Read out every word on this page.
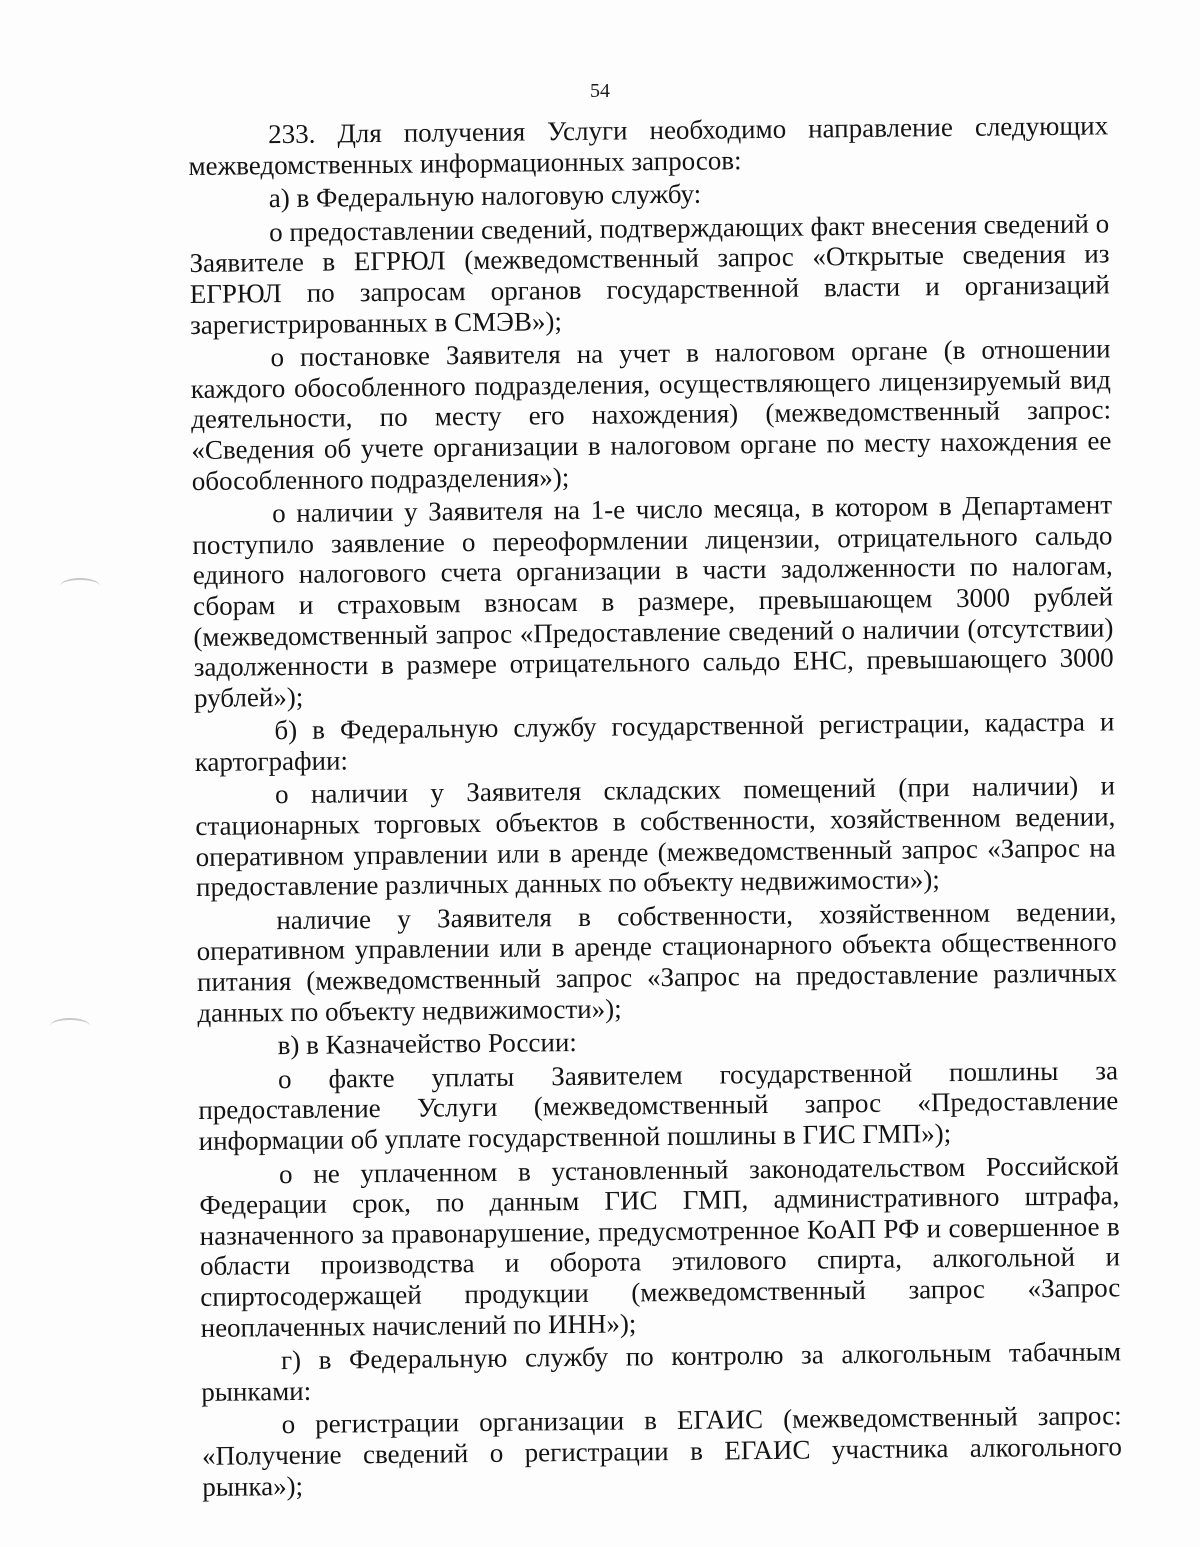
54

233. Для получения Услуги необходимо направление следующих межведомственных информационных запросов:

а) в Федеральную налоговую службу:

о предоставлении сведений, подтверждающих факт внесения сведений о Заявителе в ЕГРЮЛ (межведомственный запрос «Открытые сведения из ЕГРЮЛ по запросам органов государственной власти и организаций зарегистрированных в СМЭВ»);

о постановке Заявителя на учет в налоговом органе (в отношении каждого обособленного подразделения, осуществляющего лицензируемый вид деятельности, по месту его нахождения) (межведомственный запрос: «Сведения об учете организации в налоговом органе по месту нахождения ее обособленного подразделения»);

о наличии у Заявителя на 1-е число месяца, в котором в Департамент поступило заявление о переоформлении лицензии, отрицательного сальдо единого налогового счета организации в части задолженности по налогам, сборам и страховым взносам в размере, превышающем 3000 рублей (межведомственный запрос «Предоставление сведений о наличии (отсутствии) задолженности в размере отрицательного сальдо ЕНС, превышающего 3000 рублей»);

б) в Федеральную службу государственной регистрации, кадастра и картографии:

о наличии у Заявителя складских помещений (при наличии) и стационарных торговых объектов в собственности, хозяйственном ведении, оперативном управлении или в аренде (межведомственный запрос «Запрос на предоставление различных данных по объекту недвижимости»);

наличие у Заявителя в собственности, хозяйственном ведении, оперативном управлении или в аренде стационарного объекта общественного питания (межведомственный запрос «Запрос на предоставление различных данных по объекту недвижимости»);

в) в Казначейство России:

о факте уплаты Заявителем государственной пошлины за предоставление Услуги (межведомственный запрос «Предоставление информации об уплате государственной пошлины в ГИС ГМП»);

о не уплаченном в установленный законодательством Российской Федерации срок, по данным ГИС ГМП, административного штрафа, назначенного за правонарушение, предусмотренное КоАП РФ и совершенное в области производства и оборота этилового спирта, алкогольной и спиртосодержащей продукции (межведомственный запрос «Запрос неоплаченных начислений по ИНН»);

г) в Федеральную службу по контролю за алкогольным табачным рынками:

о регистрации организации в ЕГАИС (межведомственный запрос: «Получение сведений о регистрации в ЕГАИС участника алкогольного рынка»);
